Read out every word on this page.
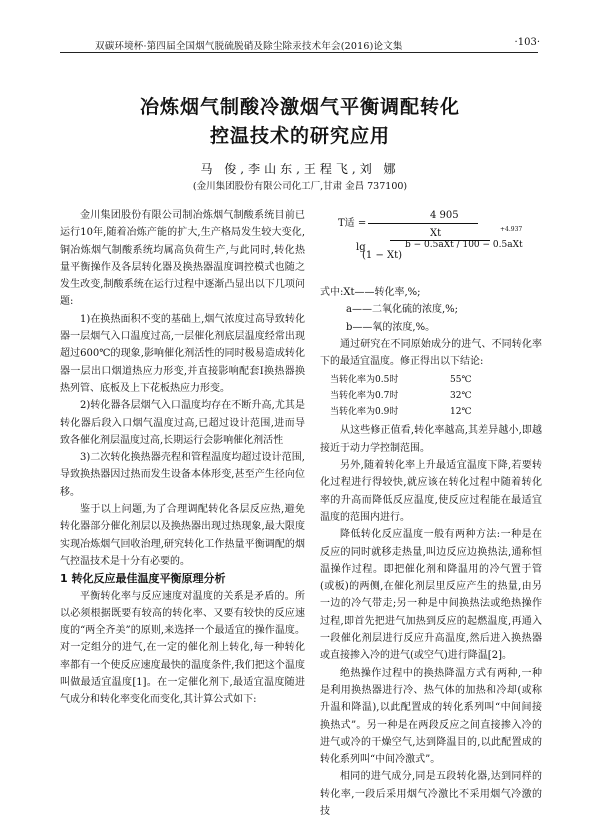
双碳环境杯·第四届全国烟气脱硫脱硝及除尘除汞技术年会(2016)论文集	·103·
冶炼烟气制酸冷激烟气平衡调配转化
控温技术的研究应用
马 俊,李山东,王程飞,刘 娜
(金川集团股份有限公司化工厂,甘肃 金昌 737100)

金川集团股份有限公司制冶炼烟气制酸系统目前已运行10年,随着冶炼产能的扩大,生产格局发生较大变化,铜冶炼烟气制酸系统均属高负荷生产,与此同时,转化热量平衡操作及各层转化器及换热器温度调控模式也随之发生改变,制酸系统在运行过程中逐渐凸显出以下几项问题:

1)在换热面积不变的基础上,烟气浓度过高导致转化器一层烟气入口温度过高,一层催化剂底层温度经常出现超过600℃的现象,影响催化剂活性的同时极易造成转化器一层出口烟道热应力形变,并直接影响配套Ⅰ换热器换热列管、底板及上下花板热应力形变。

2)转化器各层烟气入口温度均存在不断升高,尤其是转化器后段入口烟气温度过高,已超过设计范围,进而导致各催化剂层温度过高,长期运行会影响催化剂活性

3)二次转化换热器壳程和管程温度均超过设计范围,导致换热器因过热而发生设备本体形变,甚至产生径向位移。

鉴于以上问题,为了合理调配转化各层反应热,避免转化器部分催化剂层以及换热器出现过热现象,最大限度实现冶炼烟气回收治理,研究转化工作热量平衡调配的烟气控温技术是十分有必要的。

1 转化反应最佳温度平衡原理分析

平衡转化率与反应速度对温度的关系是矛盾的。所以必须根据既要有较高的转化率、又要有较快的反应速度的“两全齐美”的原则,来选择一个最适宜的操作温度。对一定组分的进气,在一定的催化剂上转化,每一种转化率都有一个使反应速度最快的温度条件,我们把这个温度叫做最适宜温度[1]。在一定催化剂下,最适宜温度随进气成分和转化率变化而变化,其计算公式如下:

T适 =
4 905
lg
Xt
(1 − Xt)
b − 0.5aXt / 100 − 0.5aXt
+4.937
式中:Xt——转化率,%;
a——二氧化硫的浓度,%;
b——氧的浓度,%。

通过研究在不同原始成分的进气、不同转化率下的最适宜温度。修正得出以下结论:

当转化率为0.5时	55℃
当转化率为0.7时	32℃
当转化率为0.9时	12℃

从这些修正值看,转化率越高,其差异越小,即越接近于动力学控制范围。

另外,随着转化率上升最适宜温度下降,若要转化过程进行得较快,就应该在转化过程中随着转化率的升高而降低反应温度,使反应过程能在最适宜温度的范围内进行。

降低转化反应温度一般有两种方法:一种是在反应的同时就移走热量,叫边反应边换热法,通称恒温操作过程。即把催化剂和降温用的冷气置于管(或板)的两侧,在催化剂层里反应产生的热量,由另一边的冷气带走;另一种是中间换热法或绝热操作过程,即首先把进气加热到反应的起燃温度,再通入一段催化剂层进行反应升高温度,然后进入换热器或直接掺入冷的进气(或空气)进行降温[2]。

绝热操作过程中的换热降温方式有两种,一种是利用换热器进行冷、热气体的加热和冷却(或称升温和降温),以此配置成的转化系列叫“中间间接换热式”。另一种是在两段反应之间直接掺入冷的进气或冷的干燥空气,达到降温目的,以此配置成的转化系列叫“中间冷激式”。

相同的进气成分,同是五段转化器,达到同样的转化率,一段后采用烟气冷激比不采用烟气冷激的技
